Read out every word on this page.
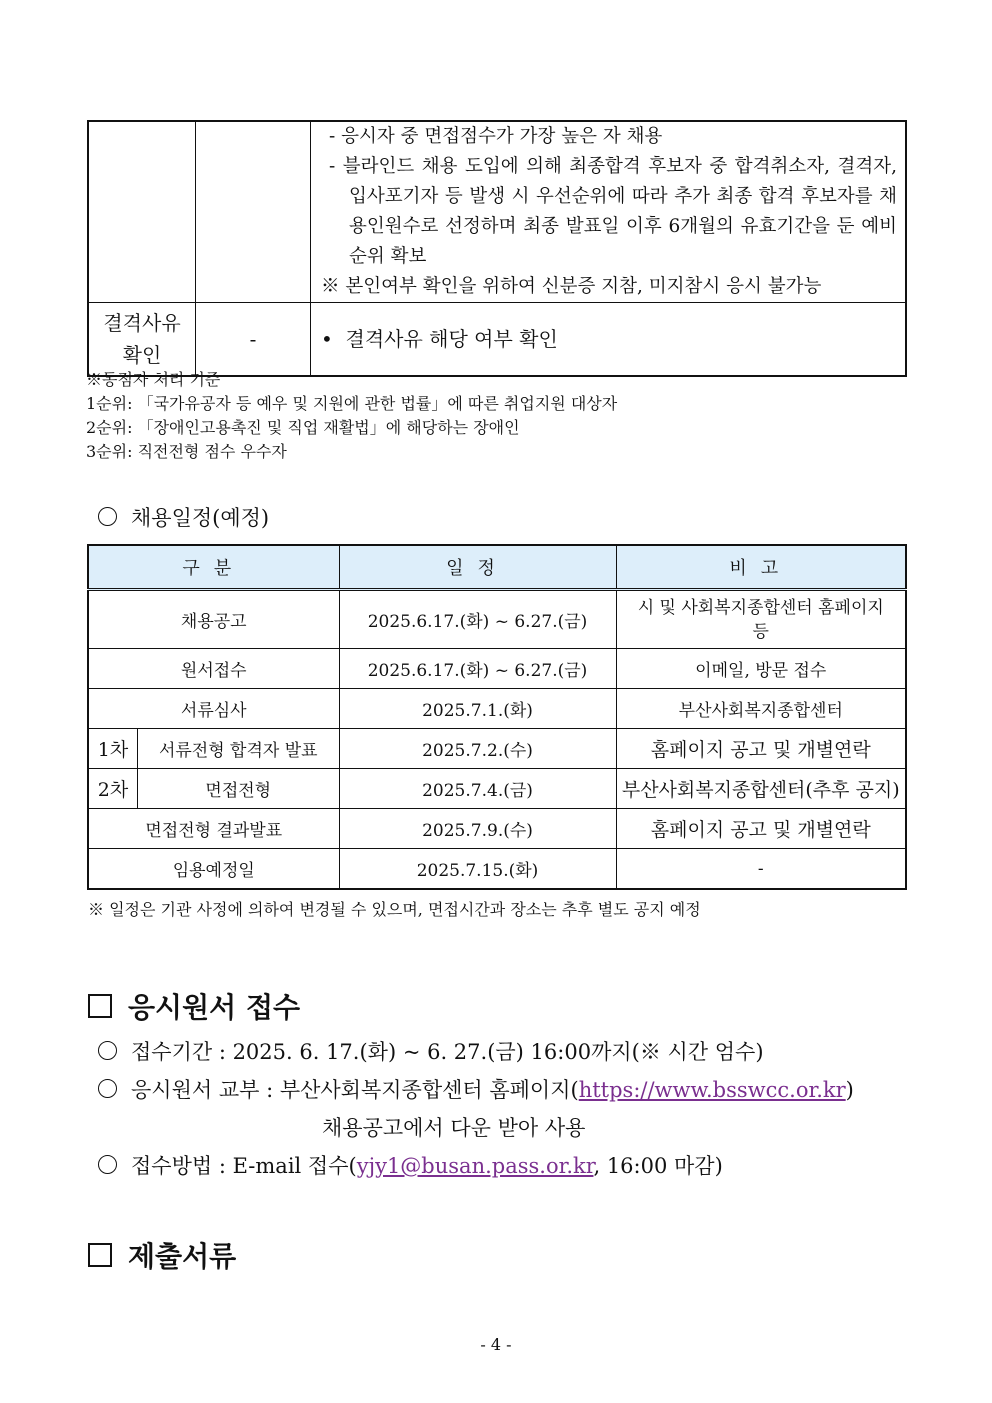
		- 응시자 중 면접점수가 가장 높은 자 채용
- 블라인드 채용 도입에 의해 최종합격 후보자 중 합격취소자, 결격자, 입사포기자 등 발생 시 우선순위에 따라 추가 최종 합격 후보자를 채용인원수로 선정하며 최종 발표일 이후 6개월의 유효기간을 둔 예비순위 확보
※ 본인여부 확인을 위하여 신분증 지참, 미지참시 응시 불가능

결격사유
확인	-	•  결격사유 해당 여부 확인
※동점자 처리 기준
1순위: 「국가유공자 등 예우 및 지원에 관한 법률」에 따른 취업지원 대상자
2순위: 「장애인고용촉진 및 직업 재활법」에 해당하는 장애인
3순위: 직전전형 점수 우수자
채용일정(예정)
구분		일정	비고
채용공고		2025.6.17.(화) ~ 6.27.(금)	시 및 사회복지종합센터 홈페이지 등
원서접수		2025.6.17.(화) ~ 6.27.(금)	이메일, 방문 접수
서류심사		2025.7.1.(화)	부산사회복지종합센터
1차	서류전형 합격자 발표	2025.7.2.(수)	홈페이지 공고 및 개별연락
2차	면접전형	2025.7.4.(금)	부산사회복지종합센터(추후 공지)
면접전형 결과발표		2025.7.9.(수)	홈페이지 공고 및 개별연락
임용예정일		2025.7.15.(화)	-
※ 일정은 기관 사정에 의하여 변경될 수 있으며, 면접시간과 장소는 추후 별도 공지 예정
응시원서 접수
접수기간 : 2025. 6. 17.(화) ~ 6. 27.(금) 16:00까지(※ 시간 엄수)
응시원서 교부 : 부산사회복지종합센터 홈페이지(https://www.bsswcc.or.kr)
채용공고에서 다운 받아 사용
접수방법 : E-mail 접수(yjy1@busan.pass.or.kr, 16:00 마감)
제출서류
- 4 -
